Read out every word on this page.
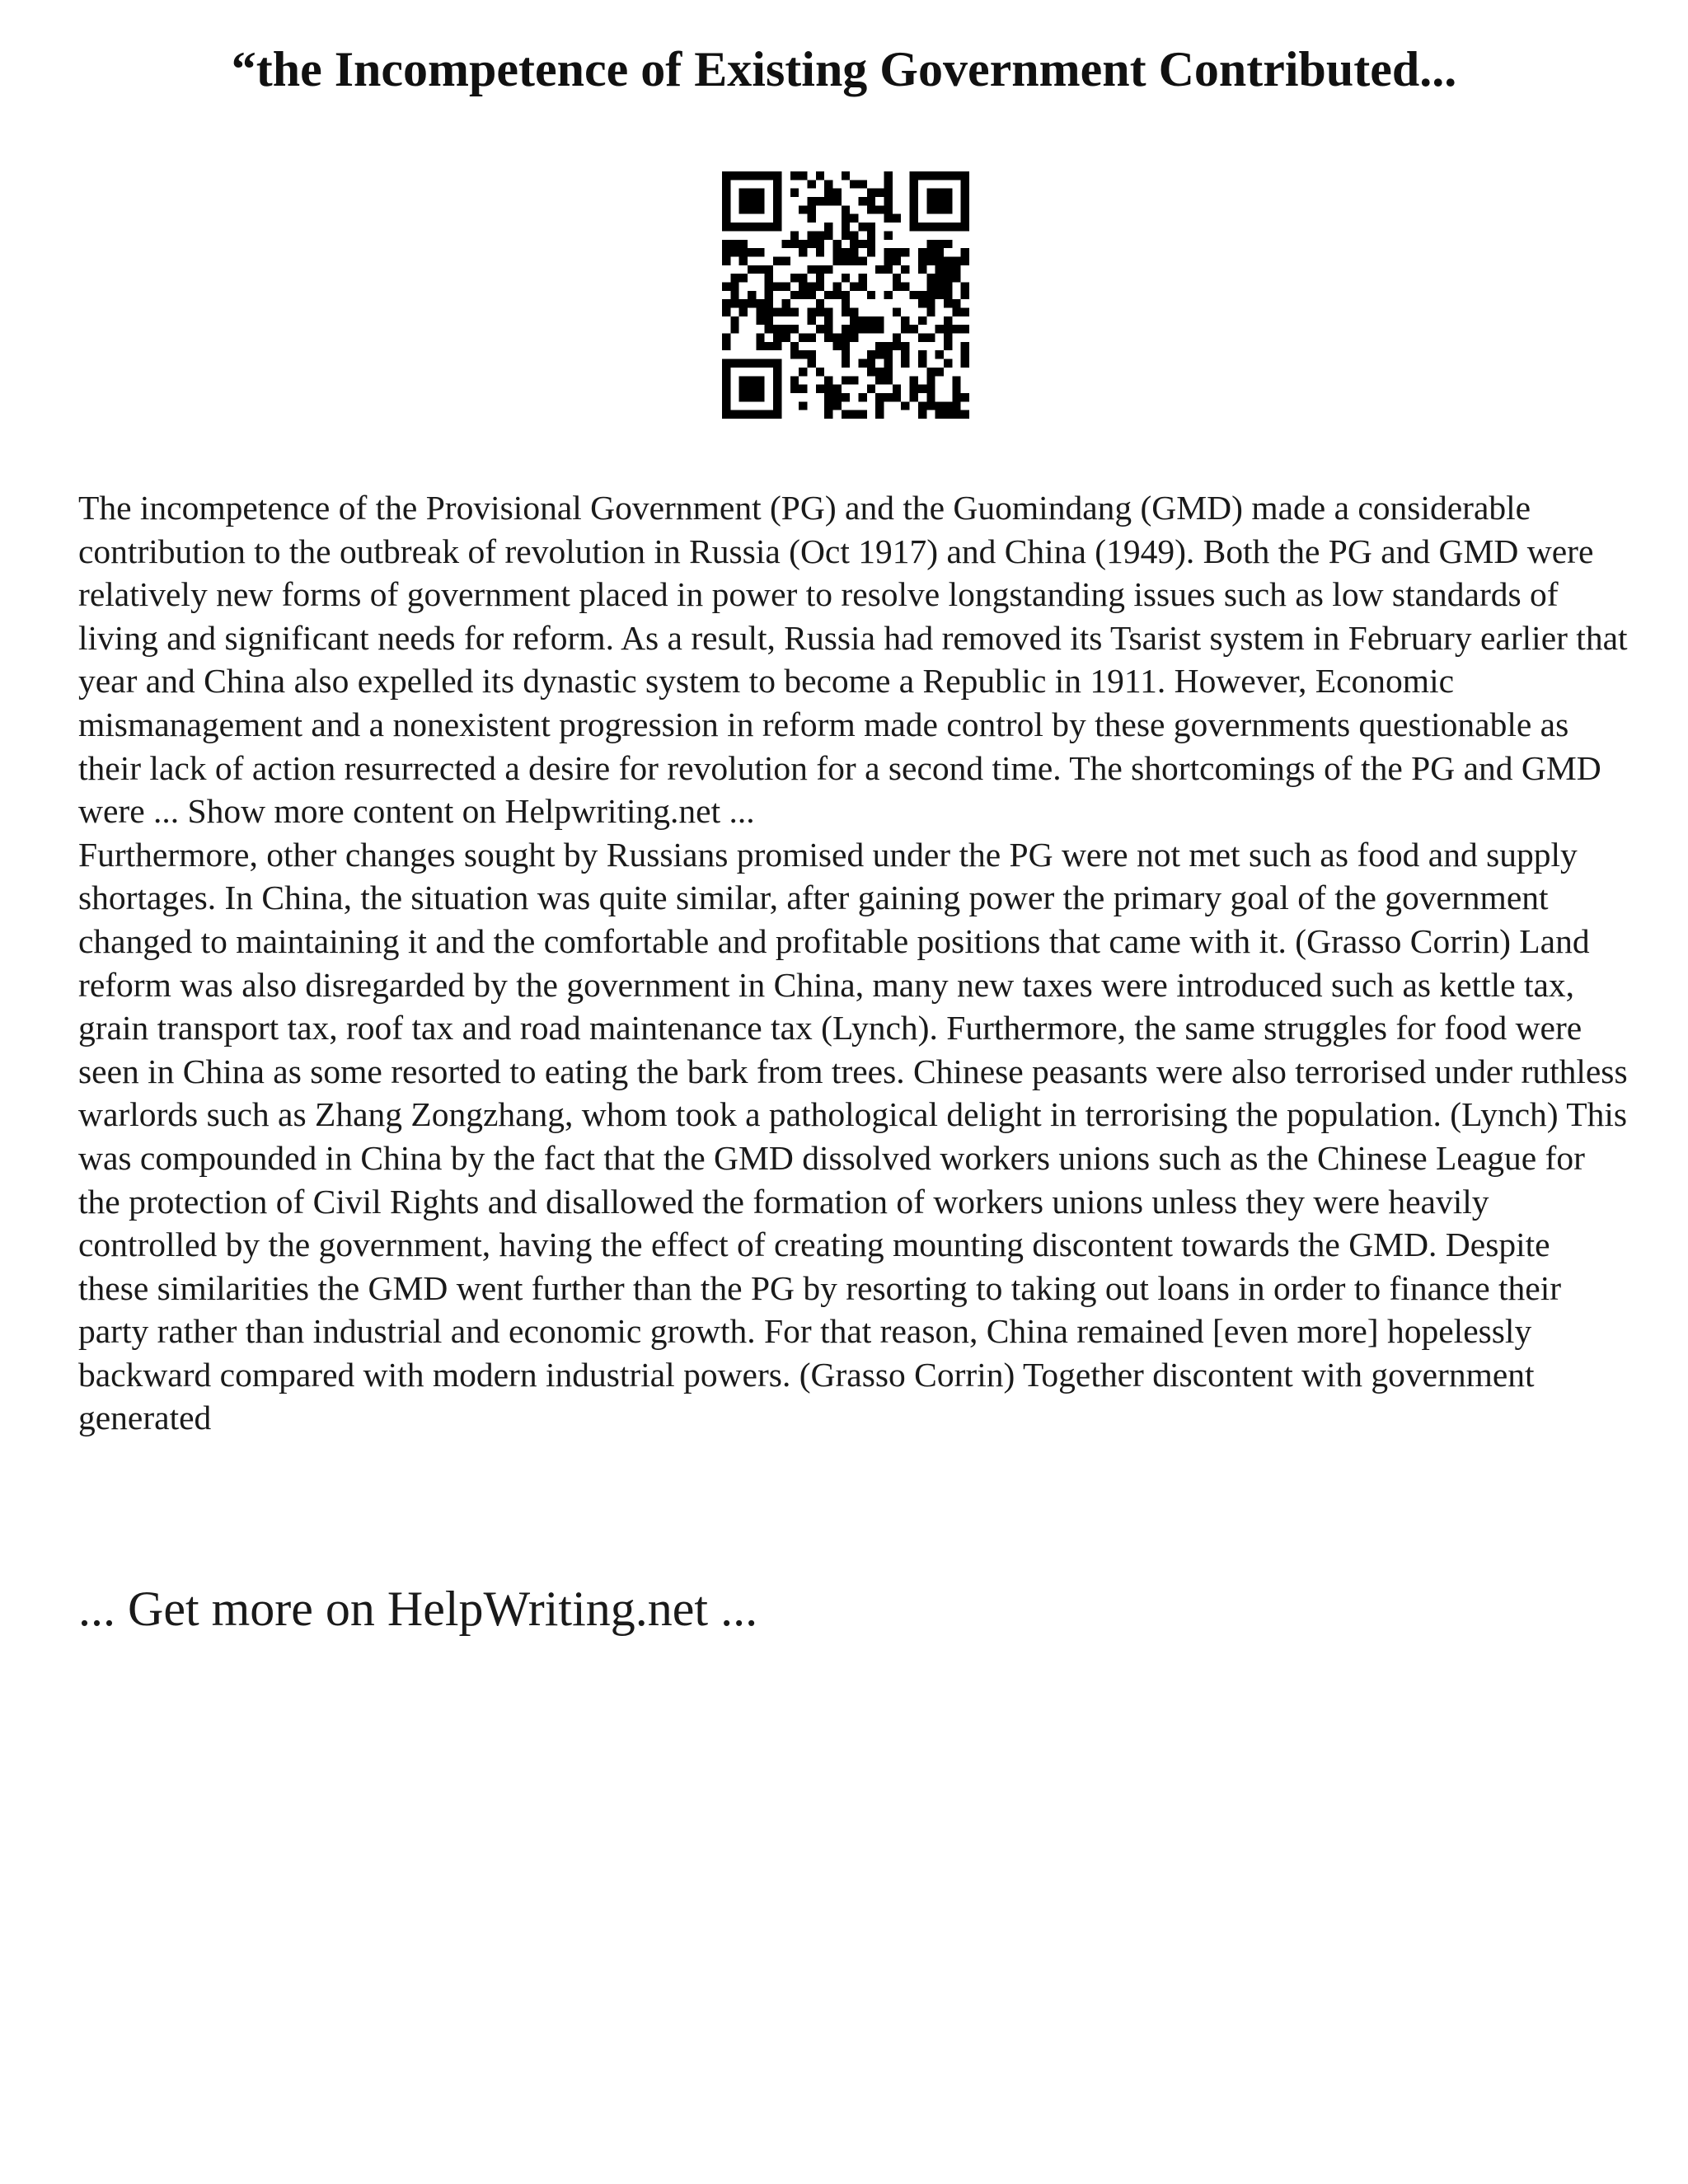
“the Incompetence of Existing Government Contributed...

The incompetence of the Provisional Government (PG) and the Guomindang (GMD) made a considerable contribution to the outbreak of revolution in Russia (Oct 1917) and China (1949). Both the PG and GMD were relatively new forms of government placed in power to resolve longstanding issues such as low standards of living and significant needs for reform. As a result, Russia had removed its Tsarist system in February earlier that year and China also expelled its dynastic system to become a Republic in 1911. However, Economic mismanagement and a nonexistent progression in reform made control by these governments questionable as their lack of action resurrected a desire for revolution for a second time. The shortcomings of the PG and GMD were ... Show more content on Helpwriting.net ...

Furthermore, other changes sought by Russians promised under the PG were not met such as food and supply shortages. In China, the situation was quite similar, after gaining power the primary goal of the government changed to maintaining it and the comfortable and profitable positions that came with it. (Grasso Corrin) Land reform was also disregarded by the government in China, many new taxes were introduced such as kettle tax, grain transport tax, roof tax and road maintenance tax (Lynch). Furthermore, the same struggles for food were seen in China as some resorted to eating the bark from trees. Chinese peasants were also terrorised under ruthless warlords such as Zhang Zongzhang, whom took a pathological delight in terrorising the population. (Lynch) This was compounded in China by the fact that the GMD dissolved workers unions such as the Chinese League for the protection of Civil Rights and disallowed the formation of workers unions unless they were heavily controlled by the government, having the effect of creating mounting discontent towards the GMD. Despite these similarities the GMD went further than the PG by resorting to taking out loans in order to finance their party rather than industrial and economic growth. For that reason, China remained [even more] hopelessly backward compared with modern industrial powers. (Grasso Corrin) Together discontent with government generated

... Get more on HelpWriting.net ...
